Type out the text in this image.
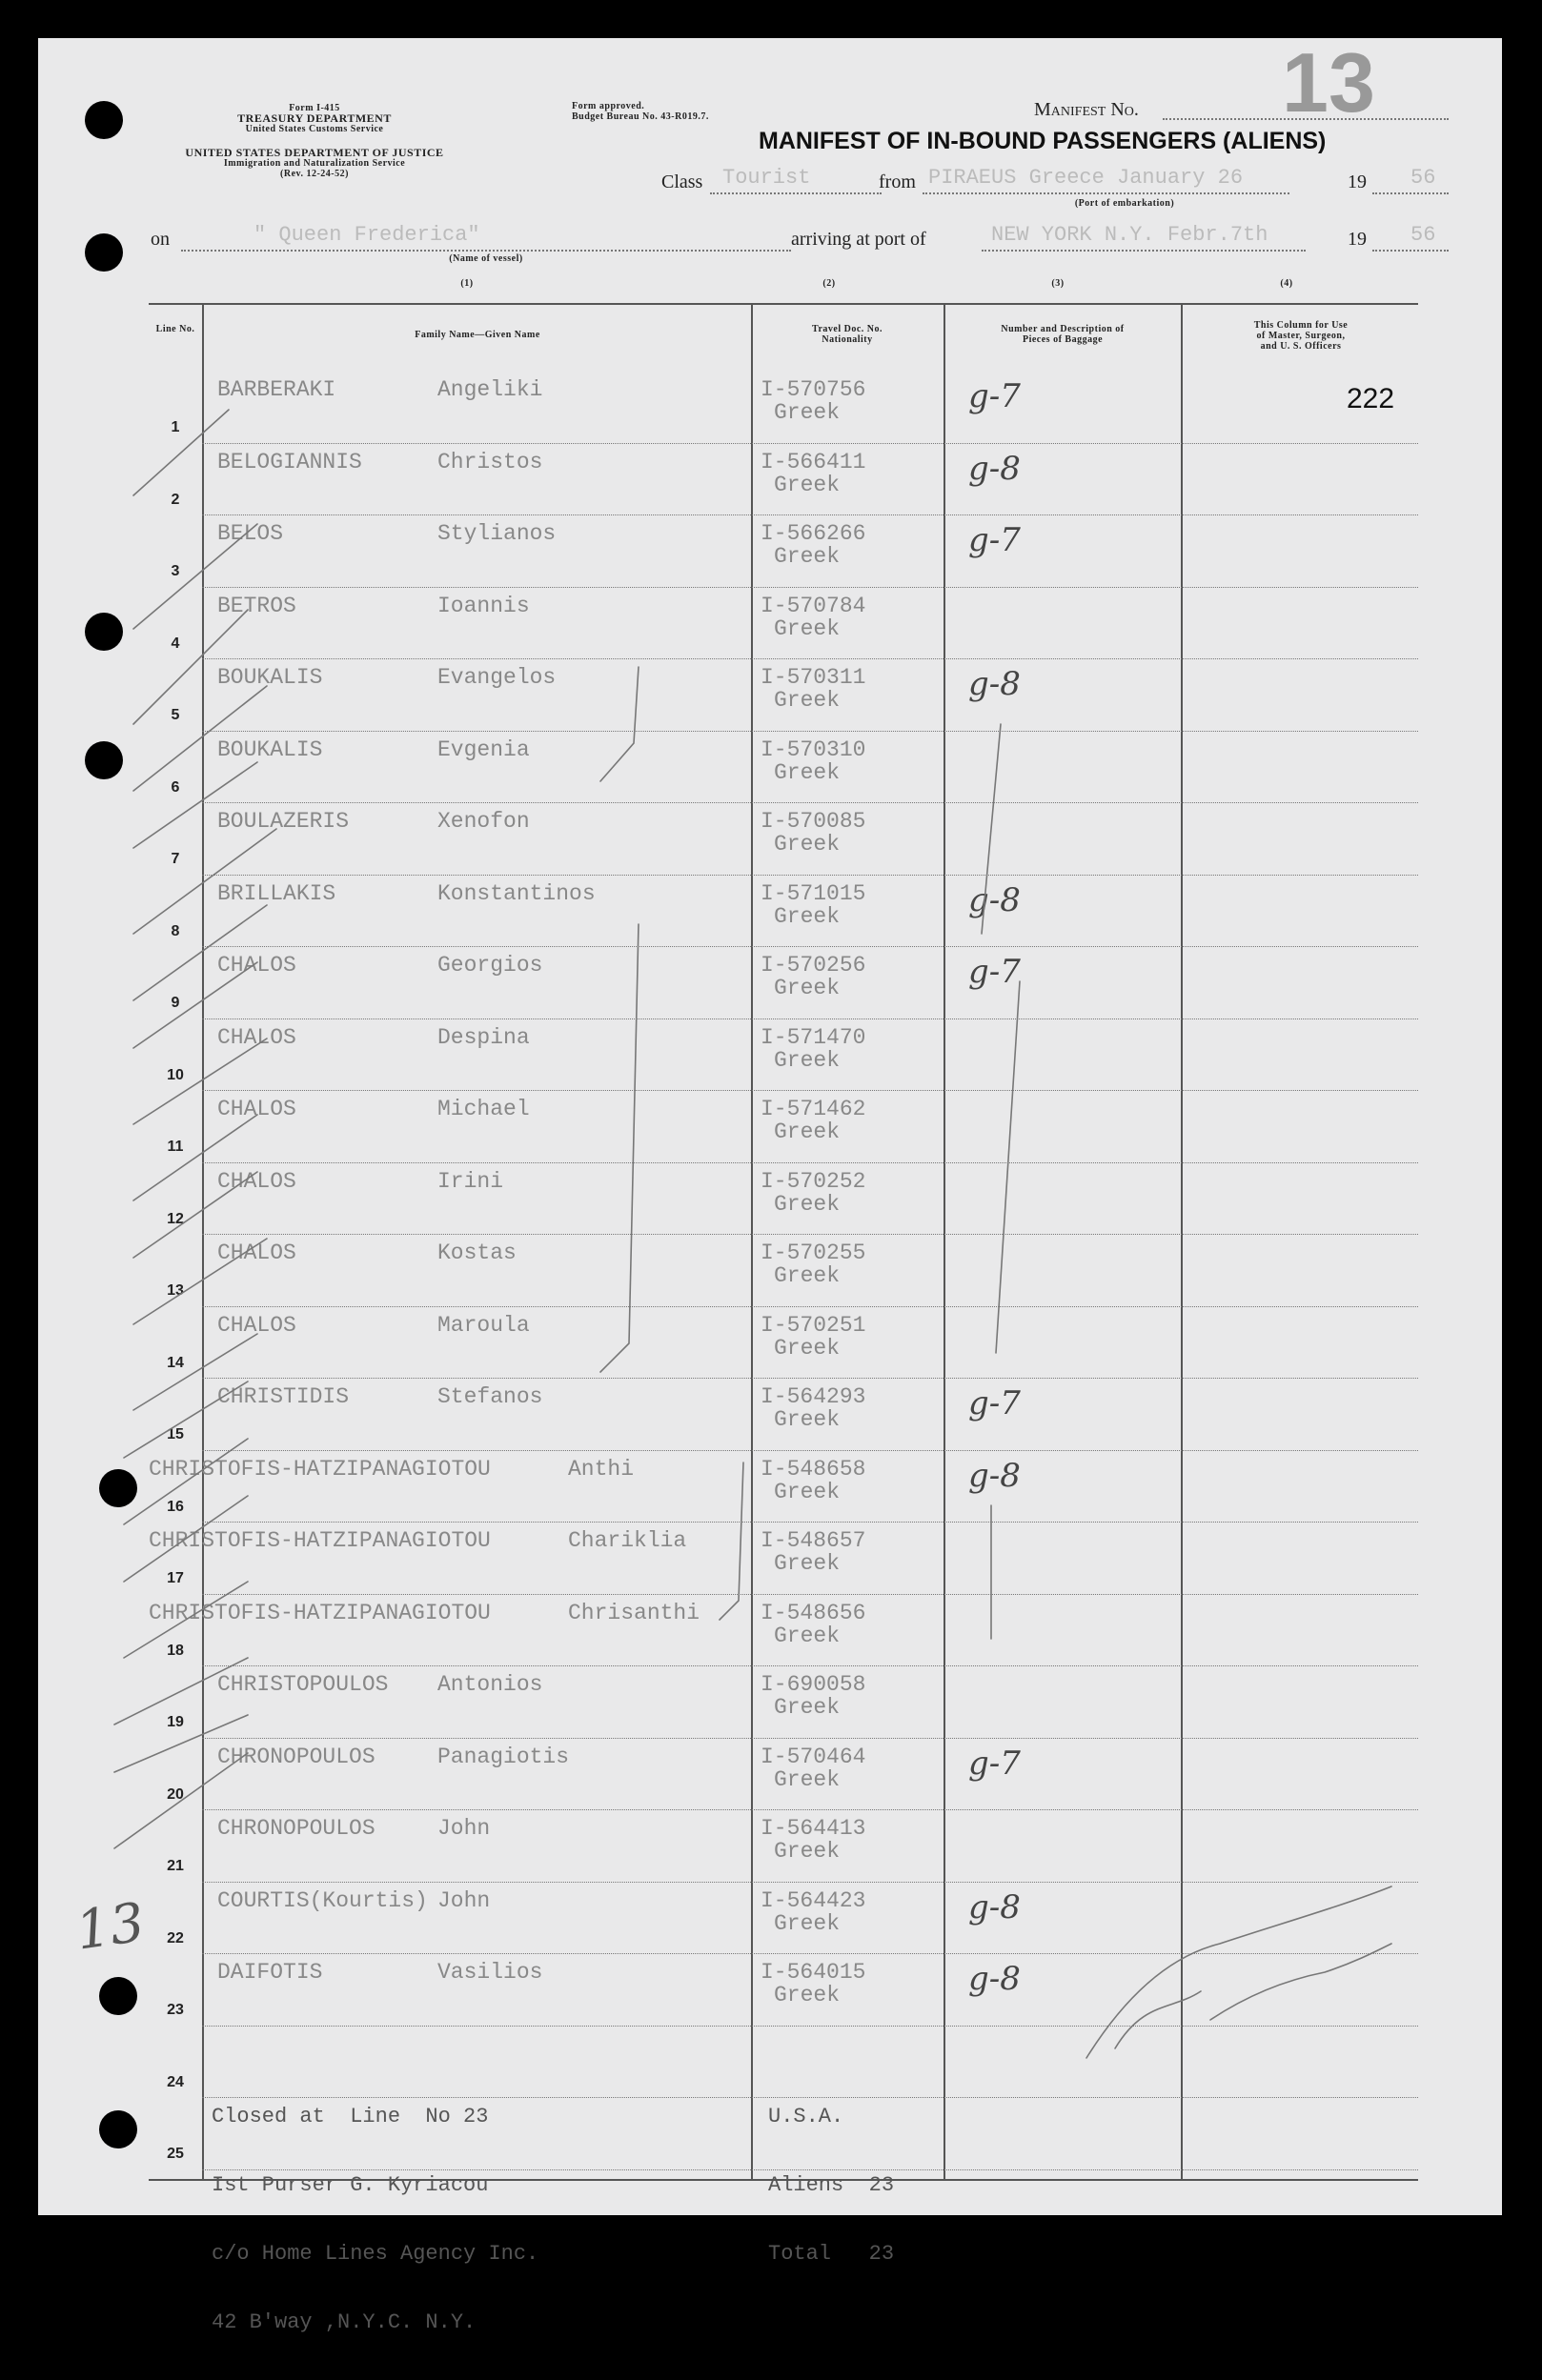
Form I-415
TREASURY DEPARTMENT
United States Customs Service
UNITED STATES DEPARTMENT OF JUSTICE
Immigration and Naturalization Service
(Rev. 12-24-52)
Form approved.
Budget Bureau No. 43-R019.7.	Manifest No. 13
MANIFEST OF IN-BOUND PASSENGERS (ALIENS)
Class Tourist	from PIRAEUS Greece January 26	19 56
(Port of embarkation)
on	" Queen Frederica"
(Name of vessel)
arriving at port of	NEW YORK N.Y. Febr.7th	19 56
(1)	(2)	(3)	(4)
Line No.
Family Name—Given Name
Travel Doc. No.
Nationality
Number and Description of
Pieces of Baggage
This Column for Use
of Master, Surgeon,
and U. S. Officers
1
BARBERAKI	Angeliki	I-570756
Greek	g-7	222
2
BELOGIANNIS	Christos	I-566411
Greek	g-8
3
BELOS	Stylianos	I-566266
Greek	g-7
4
BETROS	Ioannis	I-570784
Greek
5
BOUKALIS	Evangelos	I-570311
Greek	g-8
6
BOUKALIS	Evgenia	I-570310
Greek
7
BOULAZERIS	Xenofon	I-570085
Greek
8
BRILLAKIS	Konstantinos	I-571015
Greek	g-8
9
CHALOS	Georgios	I-570256
Greek	g-7
10
CHALOS	Despina	I-571470
Greek
11
CHALOS	Michael	I-571462
Greek
12
CHALOS	Irini	I-570252
Greek
13
CHALOS	Kostas	I-570255
Greek
14
CHALOS	Maroula	I-570251
Greek
15
CHRISTIDIS	Stefanos	I-564293
Greek	g-7
16
CHRISTOFIS-HATZIPANAGIOTOU	Anthi	I-548658
Greek	g-8
17
CHRISTOFIS-HATZIPANAGIOTOU	Chariklia	I-548657
Greek
18
CHRISTOFIS-HATZIPANAGIOTOU	Chrisanthi	I-548656
Greek
19
CHRISTOPOULOS Antonios	I-690058
Greek
20
CHRONOPOULOS	Panagiotis	I-570464
Greek	g-7
21
CHRONOPOULOS	John	I-564413
Greek
22
COURTIS(Kourtis) John	I-564423
Greek	g-8
23
DAIFOTIS	Vasilios	I-564015
Greek	g-8
24
25

Closed at  Line  No 23

Ist Purser G. Kyriacou

c/o Home Lines Agency Inc.

42 B'way ,N.Y.C. N.Y.

U.S.A.

Aliens  23

Total   23

13
